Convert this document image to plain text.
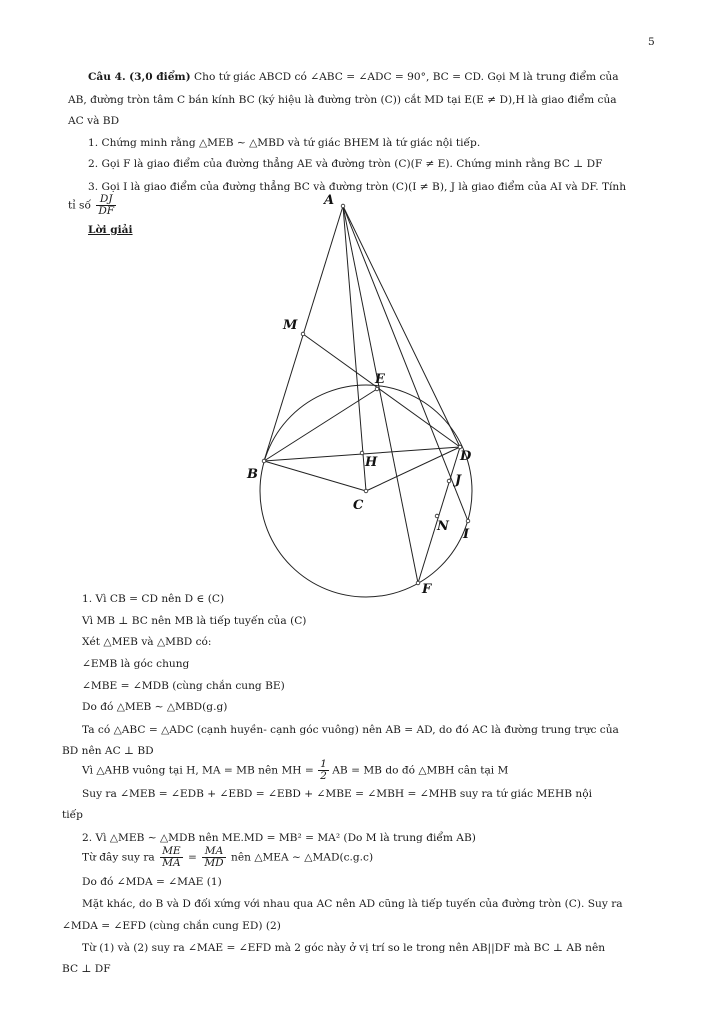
5
Câu 4. (3,0 điểm) Cho tứ giác ABCD có ∠ABC = ∠ADC = 90°, BC = CD. Gọi M là trung điểm của
AB, đường tròn tâm C bán kính BC (ký hiệu là đường tròn (C)) cắt MD tại E(E ≠ D),H là giao điểm của
AC và BD
1. Chứng minh rằng △MEB ∼ △MBD và tứ giác BHEM là tứ giác nội tiếp.
2. Gọi F là giao điểm của đường thẳng AE và đường tròn (C)(F ≠ E). Chứng minh rằng BC ⊥ DF
3. Gọi I là giao điểm của đường thẳng BC và đường tròn (C)(I ≠ B), J là giao điểm của AI và DF. Tính
tỉ số $\frac{DJ}{DF}$
Lời giải
A
M
E
D
B
H
J
C
N
I
F
1. Vì CB = CD nên D ∈ (C)
Vì MB ⊥ BC nên MB là tiếp tuyến của (C)
Xét △MEB và △MBD có:
∠EMB là góc chung
∠MBE = ∠MDB (cùng chắn cung BE)
Do đó △MEB ∼ △MBD(g.g)
Ta có △ABC = △ADC (cạnh huyền- cạnh góc vuông) nên AB = AD, do đó AC là đường trung trực của
BD nên AC ⊥ BD
Vì △AHB vuông tại H, MA = MB nên MH = $\frac{1}{2}$ AB = MB do đó △MBH cân tại M
Suy ra ∠MEB = ∠EDB + ∠EBD = ∠EBD + ∠MBE = ∠MBH = ∠MHB suy ra tứ giác MEHB nội
tiếp
2. Vì △MEB ∼ △MDB nên ME.MD = MB² = MA² (Do M là trung điểm AB)
Từ đây suy ra $\frac{ME}{MA} = \frac{MA}{MD}$ nên △MEA ∼ △MAD(c.g.c)
Do đó ∠MDA = ∠MAE (1)
Mặt khác, do B và D đối xứng với nhau qua AC nên AD cũng là tiếp tuyến của đường tròn (C). Suy ra
∠MDA = ∠EFD (cùng chắn cung ED) (2)
Từ (1) và (2) suy ra ∠MAE = ∠EFD mà 2 góc này ở vị trí so le trong nên AB||DF mà BC ⊥ AB nên
BC ⊥ DF
